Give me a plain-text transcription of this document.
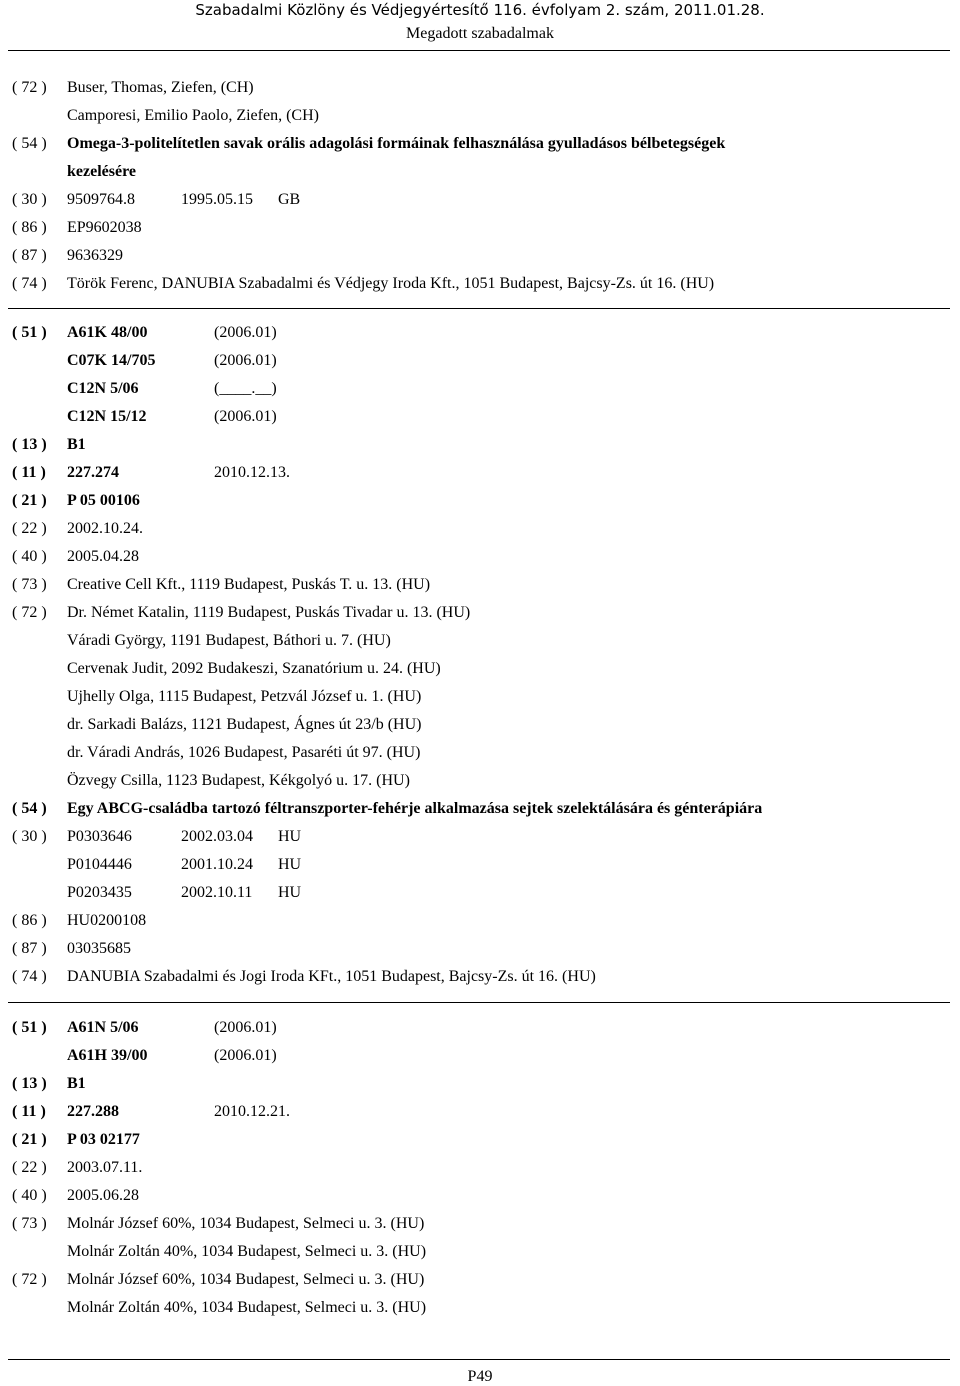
Szabadalmi Közlöny és Védjegyértesítő 116. évfolyam 2. szám, 2011.01.28.
Megadott szabadalmak
( 72 ) Buser, Thomas, Ziefen, (CH)
Camporesi, Emilio Paolo, Ziefen, (CH)
( 54 ) Omega-3-politelítetlen savak orális adagolási formáinak felhasználása gyulladásos bélbetegségek
kezelésére
( 30 ) 9509764.8	1995.05.15 GB
( 86 ) EP9602038
( 87 ) 9636329
( 74 ) Török Ferenc, DANUBIA Szabadalmi és Védjegy Iroda Kft., 1051 Budapest, Bajcsy-Zs. út 16. (HU)
( 51 ) A61K 48/00	(2006.01)
C07K 14/705	(2006.01)
C12N 5/06	(____.__)
C12N 15/12	(2006.01)
( 13 ) B1
( 11 ) 227.274	2010.12.13.
( 21 ) P 05 00106
( 22 ) 2002.10.24.
( 40 ) 2005.04.28
( 73 ) Creative Cell Kft., 1119 Budapest, Puskás T. u. 13. (HU)
( 72 ) Dr. Német Katalin, 1119 Budapest, Puskás Tivadar u. 13. (HU)
Váradi György, 1191 Budapest, Báthori u. 7. (HU)
Cervenak Judit, 2092 Budakeszi, Szanatórium u. 24. (HU)
Ujhelly Olga, 1115 Budapest, Petzvál József u. 1. (HU)
dr. Sarkadi Balázs, 1121 Budapest, Ágnes út 23/b (HU)
dr. Váradi András, 1026 Budapest, Pasaréti út 97. (HU)
Özvegy Csilla, 1123 Budapest, Kékgolyó u. 17. (HU)
( 54 ) Egy ABCG-családba tartozó féltranszporter-fehérje alkalmazása sejtek szelektálására és génterápiára
( 30 ) P0303646	2002.03.04 HU
P0104446	2001.10.24 HU
P0203435	2002.10.11 HU
( 86 ) HU0200108
( 87 ) 03035685
( 74 ) DANUBIA Szabadalmi és Jogi Iroda KFt., 1051 Budapest, Bajcsy-Zs. út 16. (HU)
( 51 ) A61N 5/06	(2006.01)
A61H 39/00	(2006.01)
( 13 ) B1
( 11 ) 227.288	2010.12.21.
( 21 ) P 03 02177
( 22 ) 2003.07.11.
( 40 ) 2005.06.28
( 73 ) Molnár József 60%, 1034 Budapest, Selmeci u. 3. (HU)
Molnár Zoltán 40%, 1034 Budapest, Selmeci u. 3. (HU)
( 72 ) Molnár József 60%, 1034 Budapest, Selmeci u. 3. (HU)
Molnár Zoltán 40%, 1034 Budapest, Selmeci u. 3. (HU)
P49
